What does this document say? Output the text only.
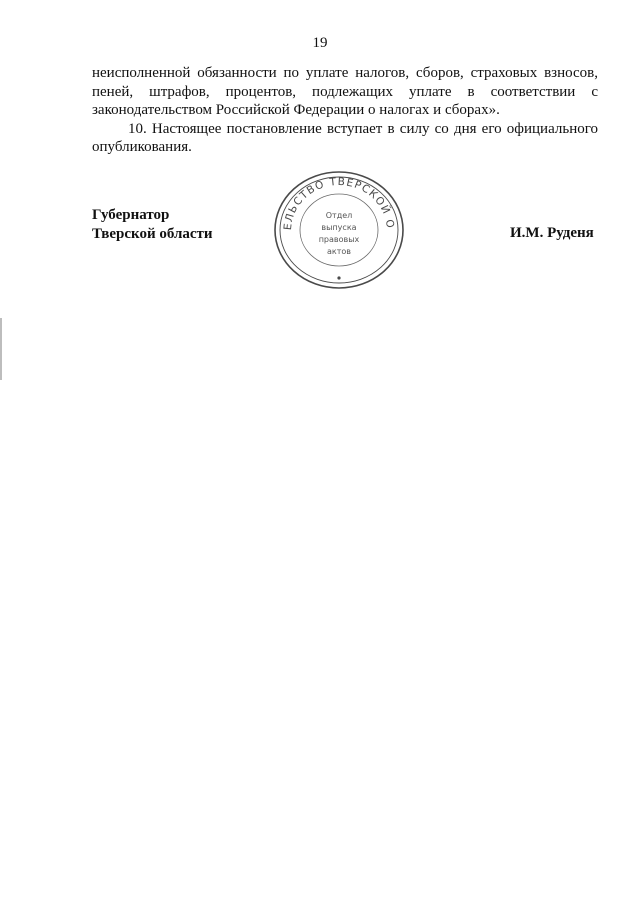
19

неисполненной обязанности по уплате налогов, сборов, страховых взносов,

пеней, штрафов, процентов, подлежащих уплате в соответствии с

законодательством Российской Федерации о налогах и сборах».

10. Настоящее постановление вступает в силу со дня его официального

опубликования.

Губернатор
Тверской области	И.М. Руденя
ЕЛЬСТВО ТВЕРСКОЙ О
Отдел
выпуска
правовых
актов
